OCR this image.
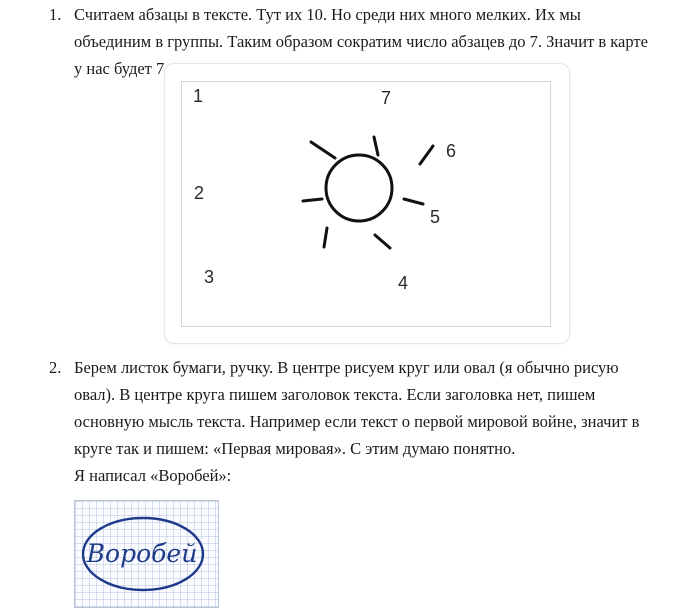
1. Считаем абзацы в тексте. Тут их 10. Но среди них много мелких. Их мы
объединим в группы. Таким образом сократим число абзацев до 7. Значит в карте
у нас будет 7
1
2
3	4
5
6
7
2. Берем листок бумаги, ручку. В центре рисуем круг или овал (я обычно рисую
овал). В центре круга пишем заголовок текста. Если заголовка нет, пишем
основную мысль текста. Например если текст о первой мировой войне, значит в
круге так и пишем: «Первая мировая». С этим думаю понятно.
Я написал «Воробей»:
Воробей
